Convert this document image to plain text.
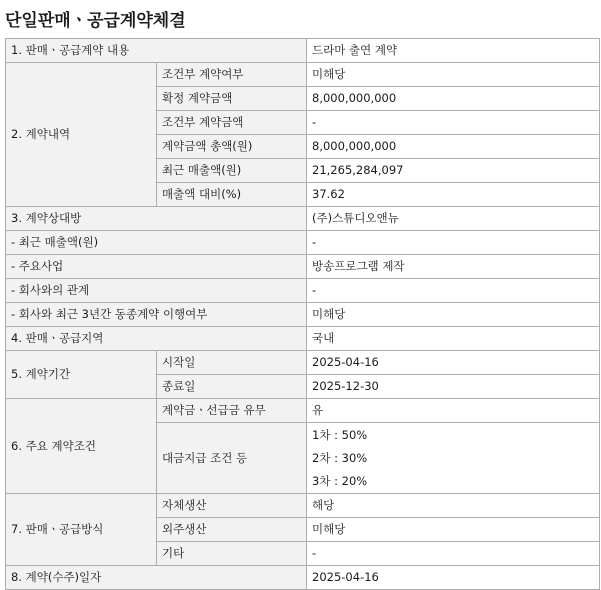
단일판매ㆍ공급계약체결
1. 판매ㆍ공급계약 내용		드라마 출연 계약
2. 계약내역	조건부 계약여부	미해당
	확정 계약금액	8,000,000,000
	조건부 계약금액	-
	계약금액 총액(원)	8,000,000,000
	최근 매출액(원)	21,265,284,097
	매출액 대비(%)	37.62
3. 계약상대방		(주)스튜디오앤뉴
- 최근 매출액(원)		-
- 주요사업		방송프로그램 제작
- 회사와의 관계		-
- 회사와 최근 3년간 동종계약 이행여부		미해당
4. 판매ㆍ공급지역		국내
5. 계약기간	시작일	2025-04-16
	종료일	2025-12-30
6. 주요 계약조건	계약금ㆍ선급금 유무	유
	대금지급 조건 등	1차 : 50%
2차 : 30%
3차 : 20%

7. 판매ㆍ공급방식	자체생산	해당
	외주생산	미해당
	기타	-
8. 계약(수주)일자		2025-04-16
